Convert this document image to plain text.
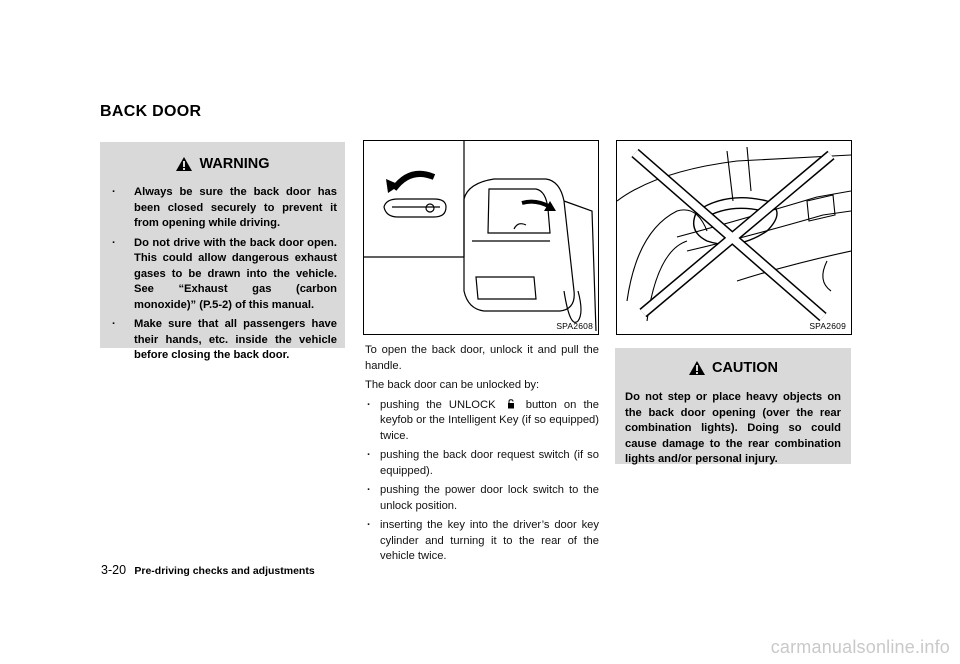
BACK DOOR
WARNING
. Always be sure the back door has been closed securely to prevent it from opening while driving.
. Do not drive with the back door open. This could allow dangerous exhaust gases to be drawn into the vehicle. See “Exhaust gas (carbon monoxide)” (P.5-2) of this manual.
. Make sure that all passengers have their hands, etc. inside the vehicle before closing the back door.
SPA2608	SPA2609

To open the back door, unlock it and pull the handle.

The back door can be unlocked by:

. pushing the UNLOCK	button on the keyfob or the Intelligent Key (if so equipped) twice.
. pushing the back door request switch (if so equipped).
. pushing the power door lock switch to the unlock position.
. inserting the key into the driver’s door key cylinder and turning it to the rear of the vehicle twice.
CAUTION

Do not step or place heavy objects on the back door opening (over the rear combination lights). Doing so could cause damage to the rear combination lights and/or personal injury.

3-20 Pre-driving checks and adjustments
carmanualsonline.info
